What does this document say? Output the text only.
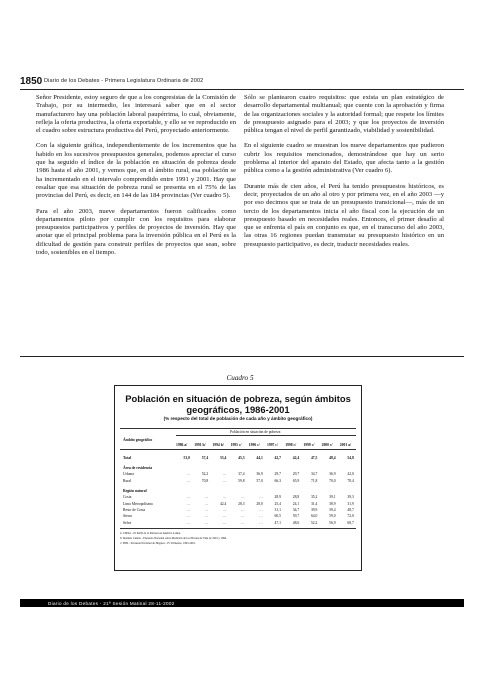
1850 Diario de los Debates - Primera Legislatura Ordinaria de 2002

Señor Presidente, estoy seguro de que a los congresistas de la Comisión de Trabajo, por su intermedio, les interesará saber que en el sector manufacturero hay una población laboral paupérrima, lo cual, obviamente, refleja la oferta productiva, la oferta exportable, y ello se ve reproducido en el cuadro sobre estructura productiva del Perú, proyectado anteriormente.

Con la siguiente gráfica, independientemente de los incrementos que ha habido en los sucesivos presupuestos generales, podemos apreciar el curso que ha seguido el índice de la población en situación de pobreza desde 1986 hasta el año 2001, y vemos que, en el ámbito rural, esa población se ha incrementado en el intervalo comprendido entre 1991 y 2001. Hay que resaltar que esa situación de pobreza rural se presenta en el 75% de las provincias del Perú, es decir, en 144 de las 184 provincias (Ver cuadro 5).

Para el año 2003, nueve departamentos fueron calificados como departamentos piloto por cumplir con los requisitos para elaborar presupuestos participativos y perfiles de proyectos de inversión. Hay que anotar que el principal problema para la inversión pública en el Perú es la dificultad de gestión para construir perfiles de proyectos que sean, sobre todo, sostenibles en el tiempo.

Sólo se plantearon cuatro requisitos: que exista un plan estratégico de desarrollo departamental multianual; que cuente con la aprobación y firma de las organizaciones sociales y la autoridad formal; que respete los límites de presupuesto asignado para el 2003; y que los proyectos de inversión pública tengan el nivel de perfil garantizado, viabilidad y sostenibilidad.

En el siguiente cuadro se muestran los nueve departamentos que pudieron cubrir los requisitos mencionados, demostrándose que hay un serio problema al interior del aparato del Estado, que afecta tanto a la gestión pública como a la gestión administrativa (Ver cuadro 6).

Durante más de cien años, el Perú ha tenido presupuestos históricos, es decir, proyectados de un año al otro y por primera vez, en el año 2003 —y por eso decimos que se trata de un presupuesto transicional—, más de un tercio de los departamentos inicia el año fiscal con la ejecución de un presupuesto basado en necesidades reales. Entonces, el primer desafío al que se enfrenta el país en conjunto es que, en el transcurso del año 2003, las otras 16 regiones puedan transmutar su presupuesto histórico en un presupuesto participativo, es decir, traducir necesidades reales.

Cuadro 5
Población en situación de pobreza, según ámbitos
geográficos, 1986-2001
(% respecto del total de población de cada año y ámbito geográfico)
Población en situación de pobreza
Ámbito geográfico
1986 a/ 1991 b/ 1994 b/ 1995 c/ 1996 c/ 1997 c/ 1998 c/ 1999 c/ 2000 c/ 2001 a/
Total	53,0	57,4	53,4	45,3	44,1	42,7	42,4	47,5	48,4	54,8
Área de residencia
Urbana	…	52,2	…	37,4	36,9	29,7	29,7	34,7	36,9	42,0
Rural	…	70,8	…	59,8	57,0	66,3	65,9	71,8	70,0	78,4
Región natural
Costa	…	…	…	…	…	28,9	28,8	35,2	39,1	39,3
Lima Metropolitana	…	…	42,4	28,3	28,0	25,4	24,1	31,4	38,9	31,9
Resto de Costa	…	…	…	…	…	31,1	34,7	39,9	39,4	48,7
Sierra	…	…	…	…	…	60,5	59,7	64,0	59,0	72,0
Selva	…	…	…	…	…	47,1	48,6	52,2	56,9	68,7
a/ CEPAL - El Perfil de la Pobreza en América Latina.
b/ Instituto Cuánto - Encuesta Nacional sobre Medición de los Niveles de Vida de 1991 y 1994.
c/ INEI - Encuesta Nacional de Hogares - IV Trimestre, 1995-2001.
Diario de los Debates - 21ª Sesión Matinal 28-11-2002
